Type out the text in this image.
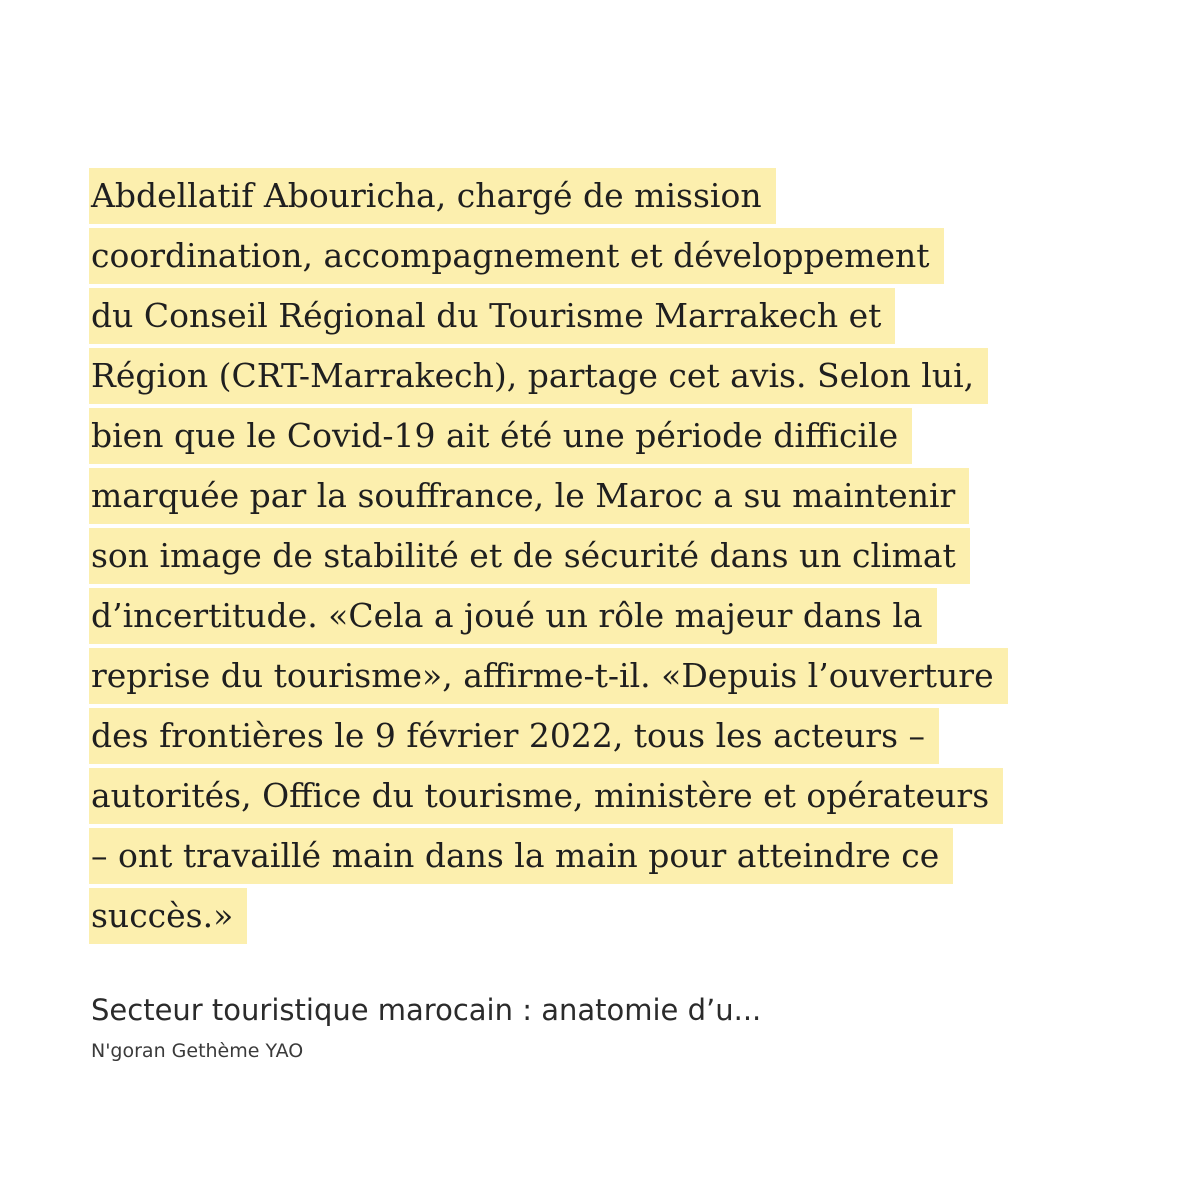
Abdellatif Abouricha, chargé de mission
coordination, accompagnement et développement
du Conseil Régional du Tourisme Marrakech et
Région (CRT-Marrakech), partage cet avis. Selon lui,
bien que le Covid-19 ait été une période difficile
marquée par la souffrance, le Maroc a su maintenir
son image de stabilité et de sécurité dans un climat
d’incertitude. «Cela a joué un rôle majeur dans la
reprise du tourisme», affirme-t-il. «Depuis l’ouverture
des frontières le 9 février 2022, tous les acteurs –
autorités, Office du tourisme, ministère et opérateurs
– ont travaillé main dans la main pour atteindre ce
succès.»
Secteur touristique marocain : anatomie d’u...
N'goran Gethème YAO
